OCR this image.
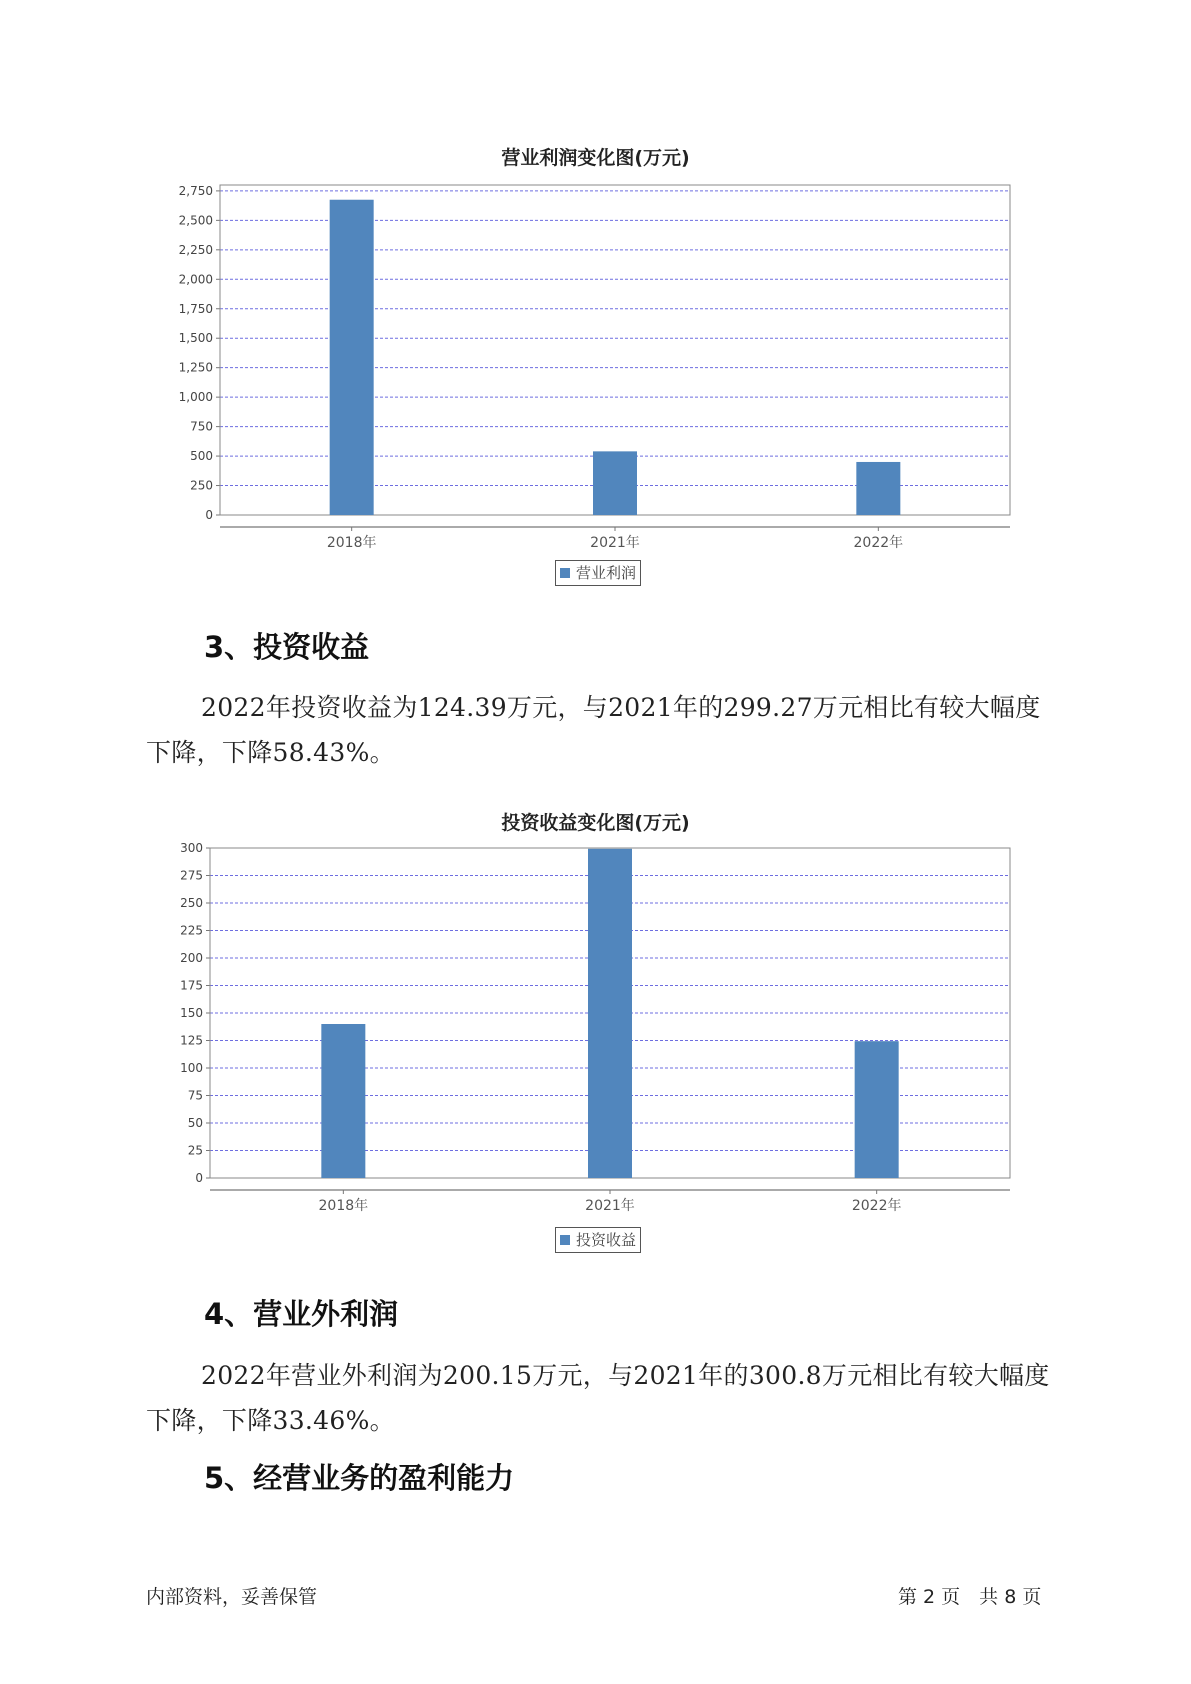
营业利润变化图(万元)
0
250
500
750
1,000
1,250
1,500
1,750
2,000
2,250
2,500
2,750
2018年	2021年	2022年
营业利润
3、投资收益
2022年投资收益为124.39万元，与2021年的299.27万元相比有较大幅度下降，下降58.43%。
投资收益变化图(万元)
0
25
50
75
100
125
150
175
200
225
250
275
300
2018年	2021年	2022年
投资收益
4、营业外利润
2022年营业外利润为200.15万元，与2021年的300.8万元相比有较大幅度下降，下降33.46%。
5、经营业务的盈利能力
内部资料，妥善保管	第 2 页　共 8 页
